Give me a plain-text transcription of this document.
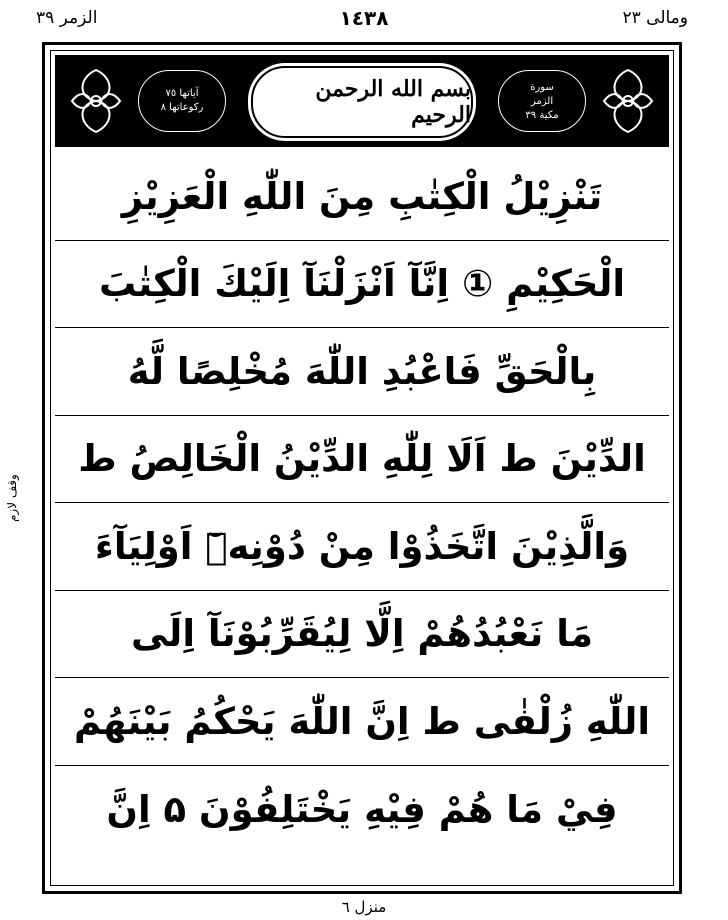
الزمر ٣٩	١٤٣٨	ومالی ٢٣
وقف لازم
سورة
الزمر
مكية ٣٩
بسم الله الرحمن الرحيم
آياتها ٧٥
ركوعاتها ٨
تَنْزِيْلُ الْكِتٰبِ مِنَ اللّٰهِ الْعَزِيْزِ
الْحَكِيْمِ ① اِنَّآ اَنْزَلْنَآ اِلَيْكَ الْكِتٰبَ
بِالْحَقِّ فَاعْبُدِ اللّٰهَ مُخْلِصًا لَّهُ
الدِّيْنَ ط اَلَا لِلّٰهِ الدِّيْنُ الْخَالِصُ ط
وَالَّذِيْنَ اتَّخَذُوْا مِنْ دُوْنِهٖٓ اَوْلِيَآءَ
مَا نَعْبُدُهُمْ اِلَّا لِيُقَرِّبُوْنَآ اِلَى
اللّٰهِ زُلْفٰى ط اِنَّ اللّٰهَ يَحْكُمُ بَيْنَهُمْ
فِيْ مَا هُمْ فِيْهِ يَخْتَلِفُوْنَ ۵ اِنَّ
منزل ٦
